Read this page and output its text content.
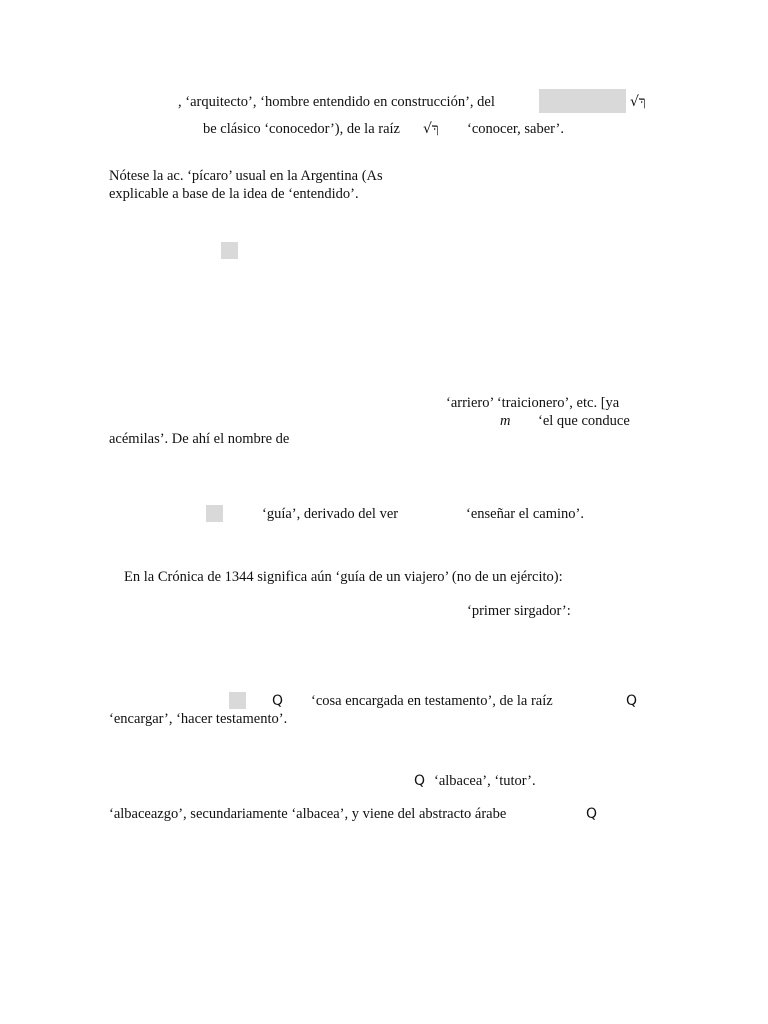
, ‘arquitecto’, ‘hombre entendido en construcción’, del	√ךְ
be clásico ‘conocedor’), de la raíz √ךְ ‘conocer, saber’.
Nótese la ac. ‘pícaro’ usual en la Argentina (As
explicable a base de la idea de ‘entendido’.
‘arriero’ ‘traicionero’, etc. [ya
m ‘el que conduce
acémilas’. De ahí el nombre de
‘guía’, derivado del ver	‘enseñar el camino’.
En la Crónica de 1344 significa aún ‘guía de un viajero’ (no de un ejército):
‘primer sirgador’:
Q ‘cosa encargada en testamento’, de la raíz	Q
‘encargar’, ‘hacer testamento’.
Q ‘albacea’, ‘tutor’.
‘albaceazgo’, secundariamente ‘albacea’, y viene del abstracto árabe	Q
